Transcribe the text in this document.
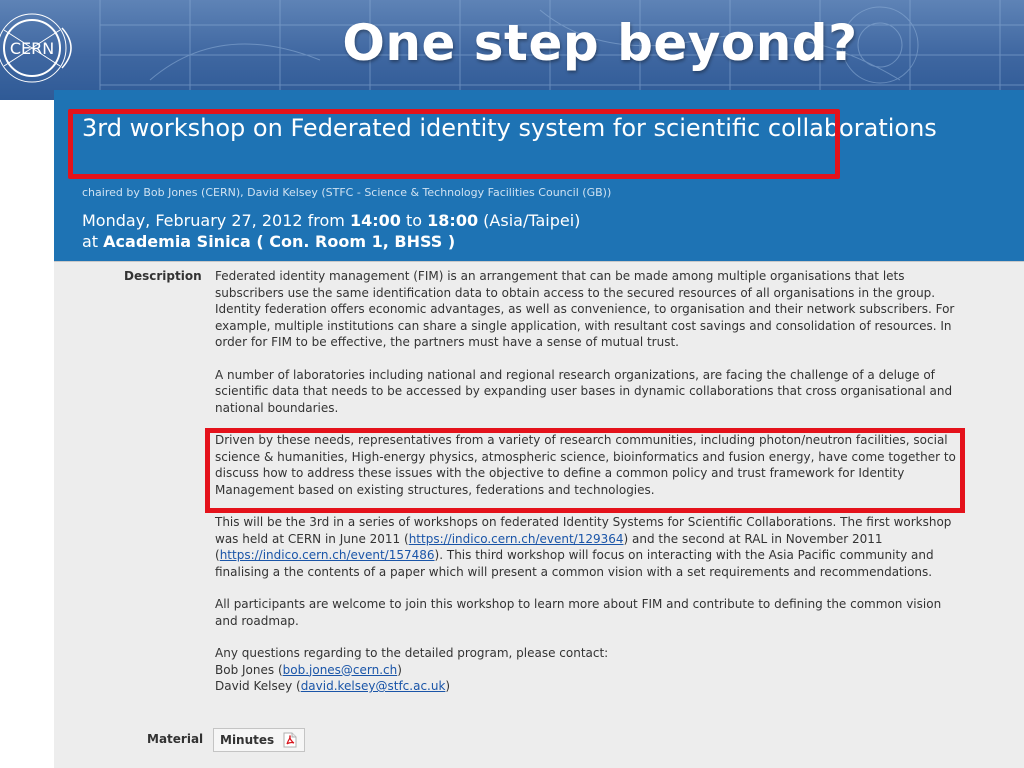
CERN	One step beyond?
3rd workshop on Federated identity system for scientific collaborations
chaired by Bob Jones (CERN), David Kelsey (STFC - Science & Technology Facilities Council (GB))
Monday, February 27, 2012 from 14:00 to 18:00 (Asia/Taipei)
at Academia Sinica ( Con. Room 1, BHSS )
Description Federated identity management (FIM) is an arrangement that can be made among multiple organisations that lets subscribers use the same identification data to obtain access to the secured resources of all organisations in the group. Identity federation offers economic advantages, as well as convenience, to organisation and their network subscribers. For example, multiple institutions can share a single application, with resultant cost savings and consolidation of resources. In order for FIM to be effective, the partners must have a sense of mutual trust.

A number of laboratories including national and regional research organizations, are facing the challenge of a deluge of scientific data that needs to be accessed by expanding user bases in dynamic collaborations that cross organisational and national boundaries.

Driven by these needs, representatives from a variety of research communities, including photon/neutron facilities, social science & humanities, High-energy physics, atmospheric science, bioinformatics and fusion energy, have come together to discuss how to address these issues with the objective to define a common policy and trust framework for Identity Management based on existing structures, federations and technologies.

This will be the 3rd in a series of workshops on federated Identity Systems for Scientific Collaborations. The first workshop was held at CERN in June 2011 (https://indico.cern.ch/event/129364) and the second at RAL in November 2011 (https://indico.cern.ch/event/157486). This third workshop will focus on interacting with the Asia Pacific community and finalising a the contents of a paper which will present a common vision with a set requirements and recommendations.

All participants are welcome to join this workshop to learn more about FIM and contribute to defining the common vision and roadmap.

Any questions regarding to the detailed program, please contact:

Bob Jones (bob.jones@cern.ch)

David Kelsey (david.kelsey@stfc.ac.uk)

Material Minutes
